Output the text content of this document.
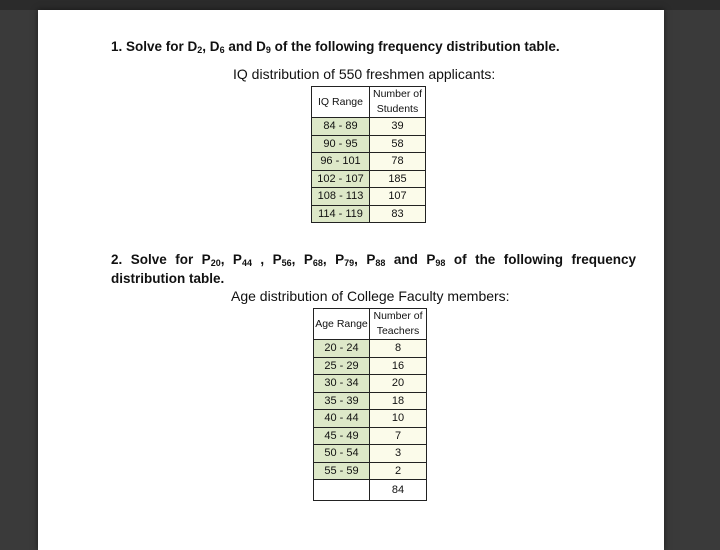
1. Solve for $D_2$, $D_6$ and $D_9$ of the following frequency distribution table.
IQ distribution of 550 freshmen applicants:
IQ Range	Number of
Students
84 - 89	39
90 - 95	58
96 - 101	78
102 - 107	185
108 - 113	107
114 - 119	83
2. Solve for $P_{20}$, $P_{44}$ , $P_{56}$, $P_{68}$, $P_{79}$, $P_{88}$ and $P_{98}$ of the following frequency distribution table.
Age distribution of College Faculty members:
Age Range	Number of
Teachers
20 - 24	8
25 - 29	16
30 - 34	20
35 - 39	18
40 - 44	10
45 - 49	7
50 - 54	3
55 - 59	2
	84
